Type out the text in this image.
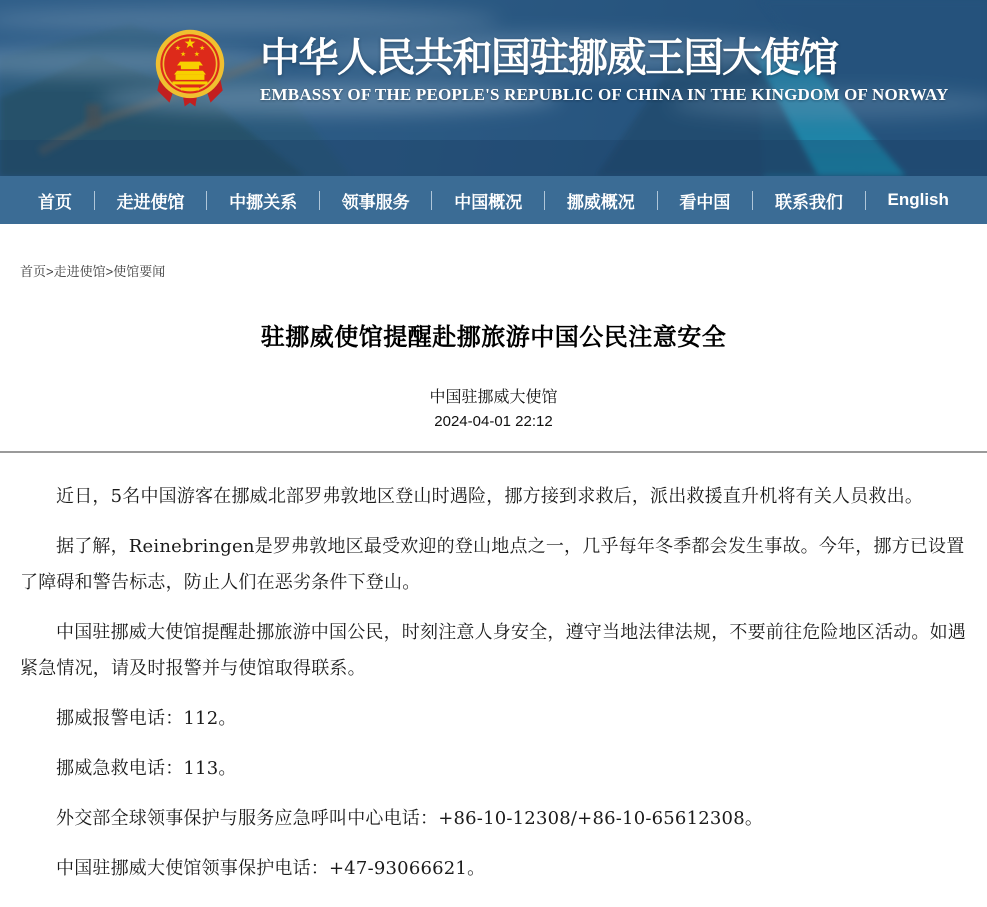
中华人民共和国驻挪威王国大使馆
EMBASSY OF THE PEOPLE'S REPUBLIC OF CHINA IN THE KINGDOM OF NORWAY
首页	走进使馆	中挪关系	领事服务	中国概况	挪威概况	看中国	联系我们	English
首页>走进使馆>使馆要闻
驻挪威使馆提醒赴挪旅游中国公民注意安全
中国驻挪威大使馆
2024-04-01 22:12

近日，5名中国游客在挪威北部罗弗敦地区登山时遇险，挪方接到求救后，派出救援直升机将有关人员救出。

据了解，Reinebringen是罗弗敦地区最受欢迎的登山地点之一，几乎每年冬季都会发生事故。今年，挪方已设置了障碍和警告标志，防止人们在恶劣条件下登山。

中国驻挪威大使馆提醒赴挪旅游中国公民，时刻注意人身安全，遵守当地法律法规，不要前往危险地区活动。如遇紧急情况，请及时报警并与使馆取得联系。

挪威报警电话：112。

挪威急救电话：113。

外交部全球领事保护与服务应急呼叫中心电话：+86-10-12308/+86-10-65612308。

中国驻挪威大使馆领事保护电话：+47-93066621。
